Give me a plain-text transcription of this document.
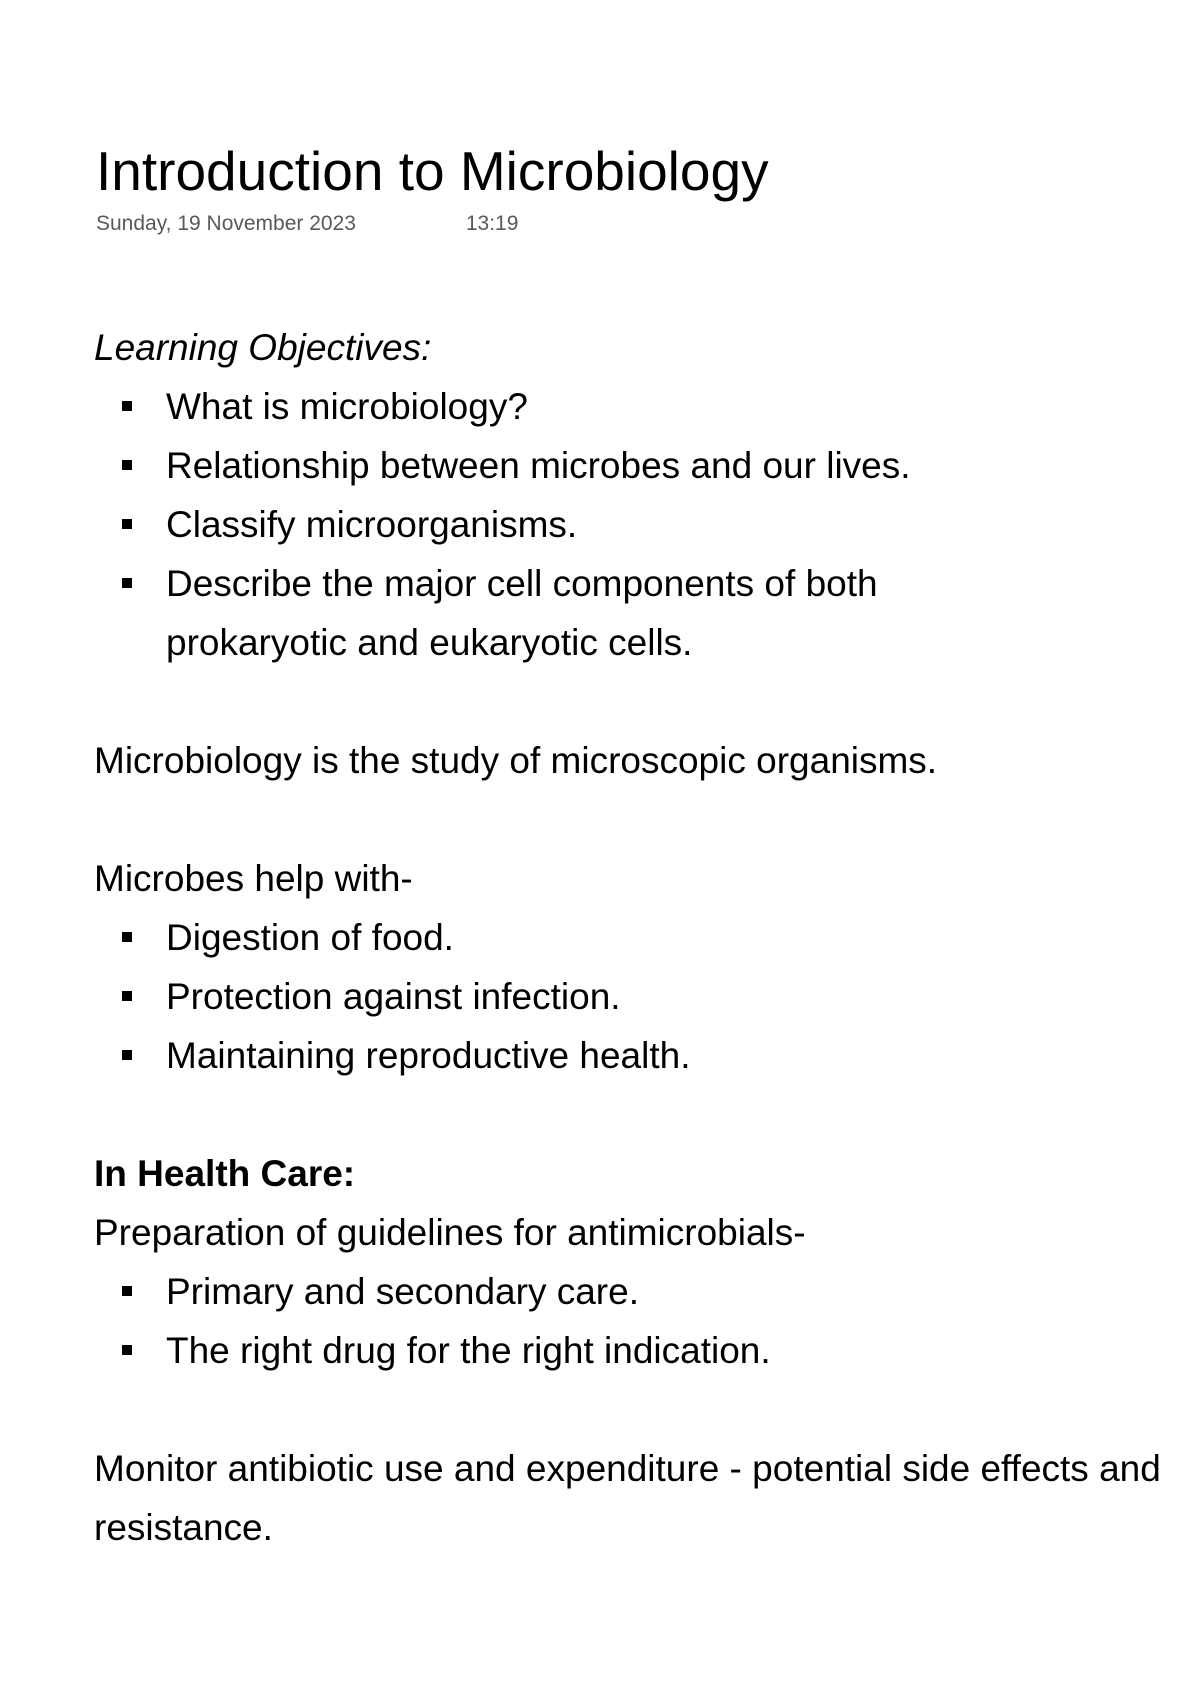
Introduction to Microbiology
Sunday, 19 November 2023	13:19
Learning Objectives:
What is microbiology?
Relationship between microbes and our lives.
Classify microorganisms.
Describe the major cell components of both prokaryotic and eukaryotic cells.
Microbiology is the study of microscopic organisms.
Microbes help with-
Digestion of food.
Protection against infection.
Maintaining reproductive health.
In Health Care:
Preparation of guidelines for antimicrobials-
Primary and secondary care.
The right drug for the right indication.
Monitor antibiotic use and expenditure - potential side effects and resistance.
